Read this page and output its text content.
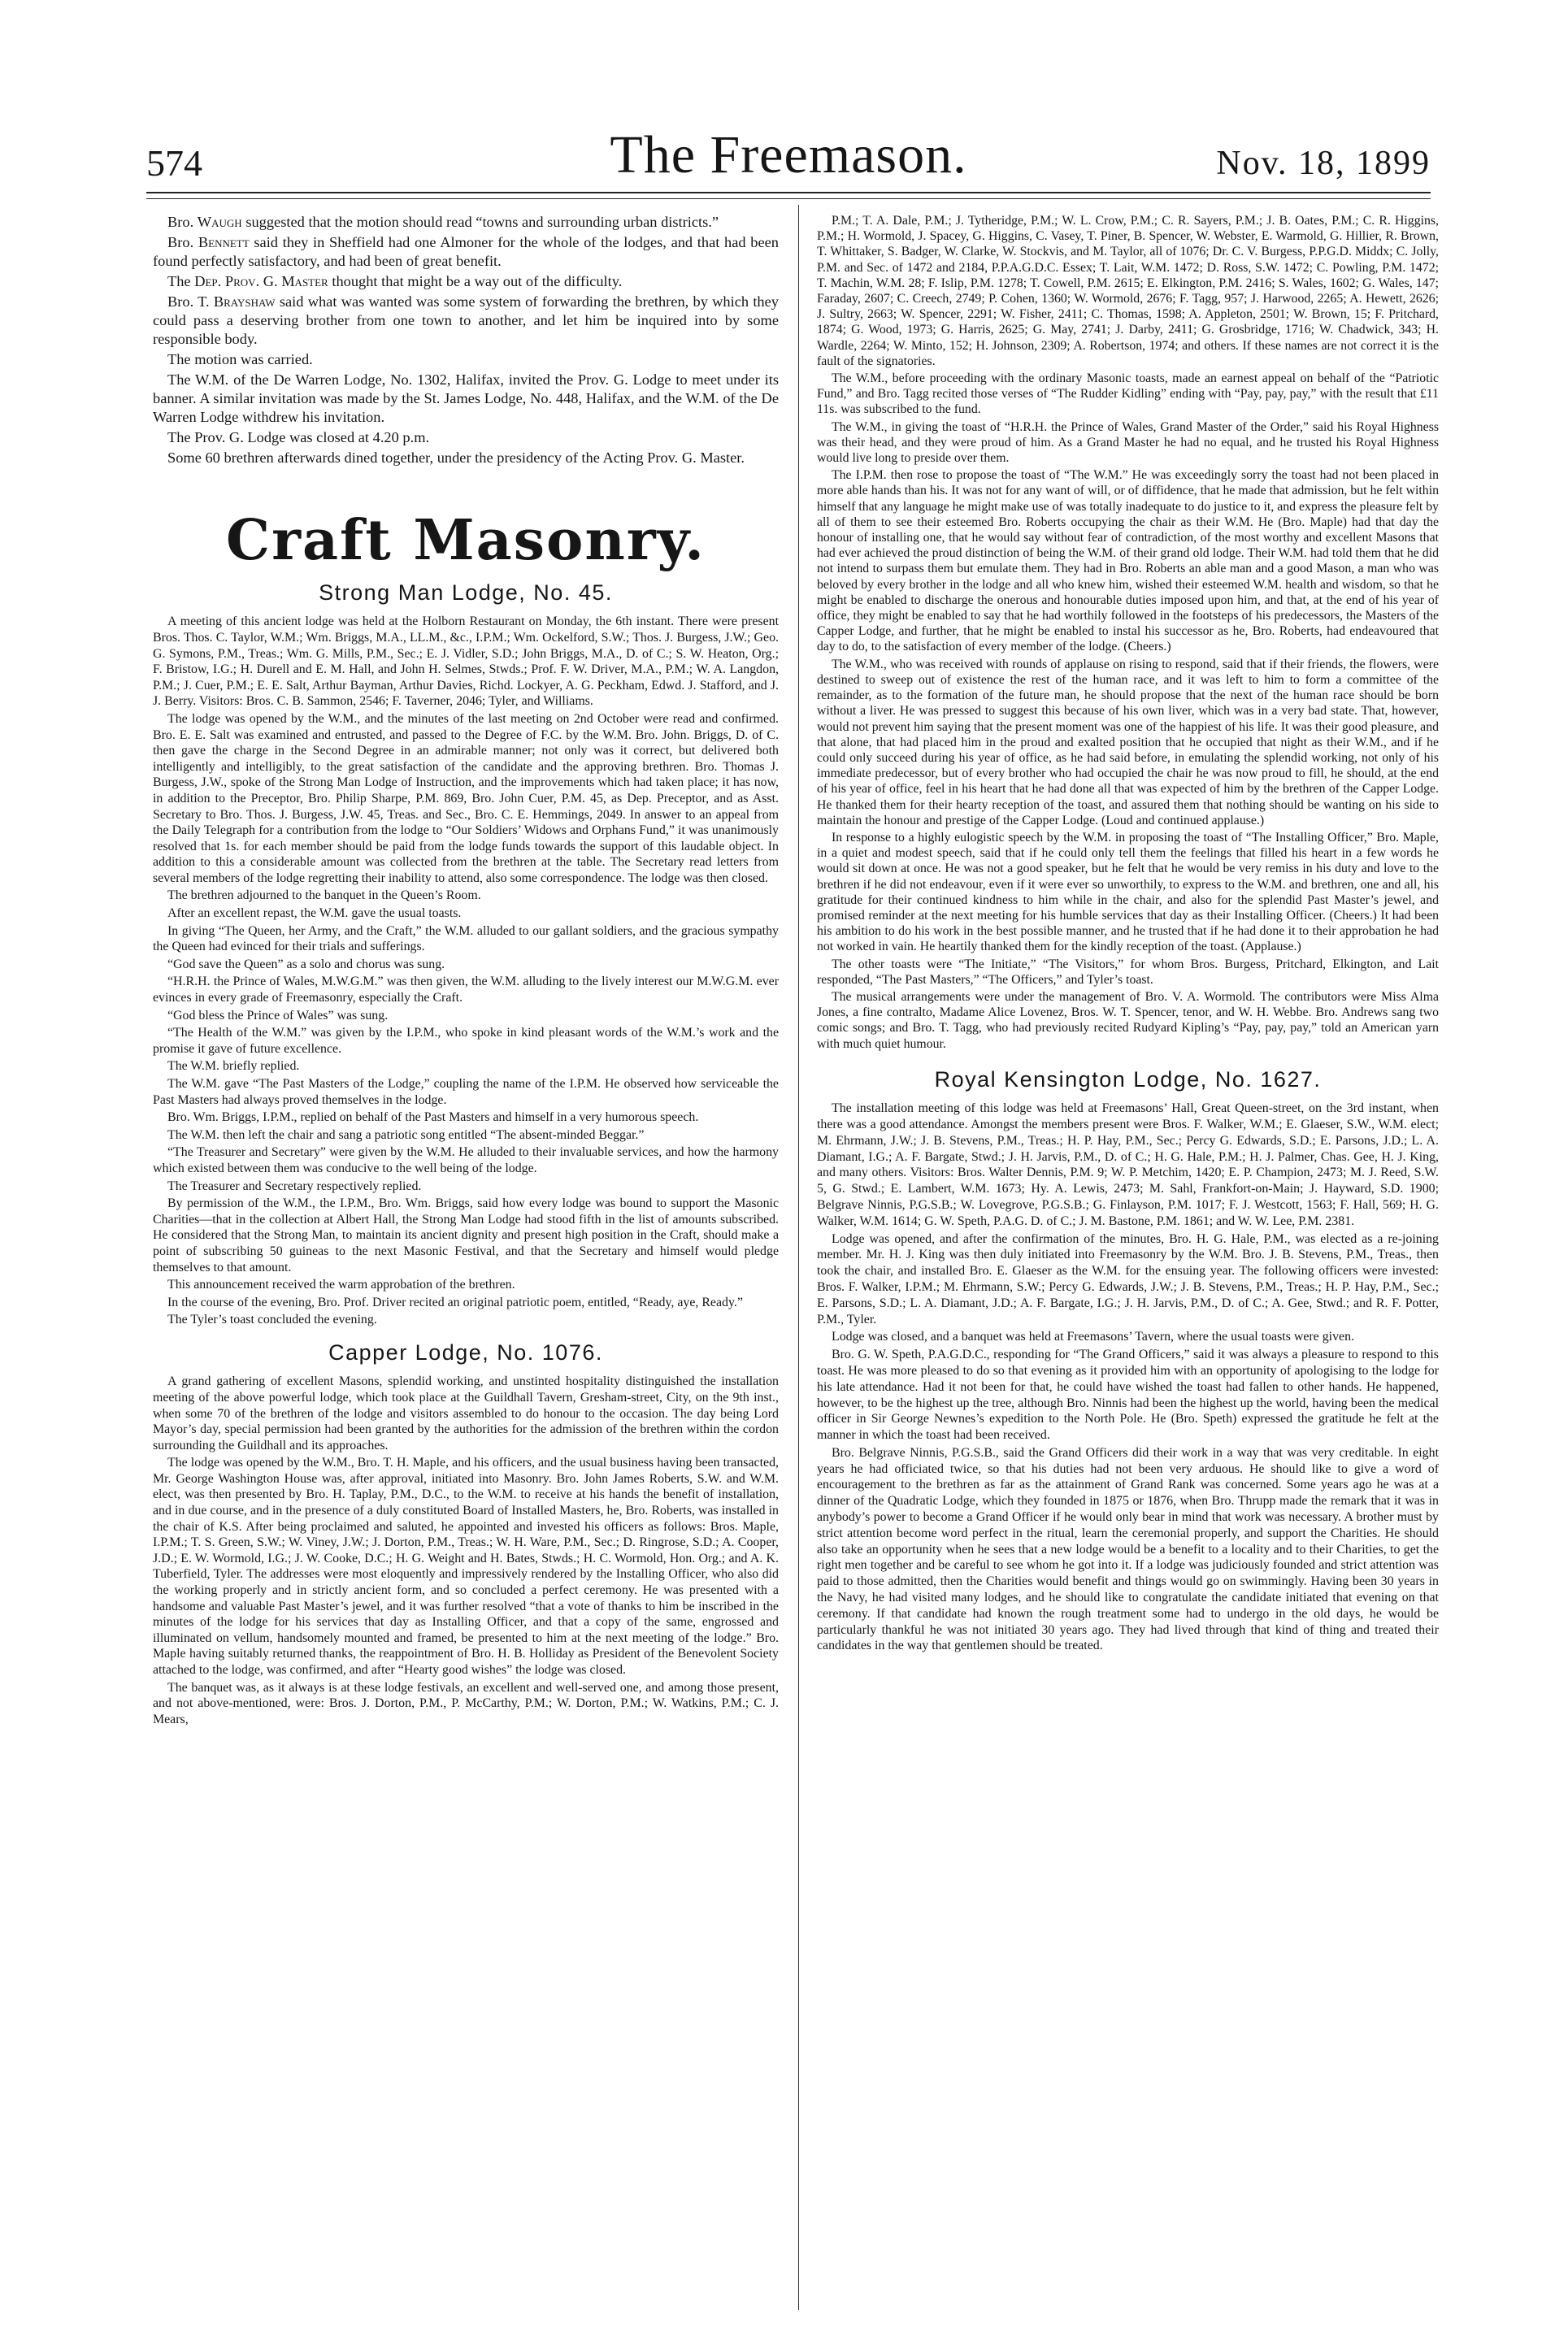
574	The Freemason.	Nov. 18, 1899

Bro. Waugh suggested that the motion should read “towns and surrounding urban districts.”

Bro. Bennett said they in Sheffield had one Almoner for the whole of the lodges, and that had been found perfectly satisfactory, and had been of great benefit.

The Dep. Prov. G. Master thought that might be a way out of the difficulty.

Bro. T. Brayshaw said what was wanted was some system of forwarding the brethren, by which they could pass a deserving brother from one town to another, and let him be inquired into by some responsible body.

The motion was carried.

The W.M. of the De Warren Lodge, No. 1302, Halifax, invited the Prov. G. Lodge to meet under its banner. A similar invitation was made by the St. James Lodge, No. 448, Halifax, and the W.M. of the De Warren Lodge withdrew his invitation.

The Prov. G. Lodge was closed at 4.20 p.m.

Some 60 brethren afterwards dined together, under the presidency of the Acting Prov. G. Master.

Craft Masonry.
Strong Man Lodge, No. 45.

A meeting of this ancient lodge was held at the Holborn Restaurant on Monday, the 6th instant. There were present Bros. Thos. C. Taylor, W.M.; Wm. Briggs, M.A., LL.M., &c., I.P.M.; Wm. Ockelford, S.W.; Thos. J. Burgess, J.W.; Geo. G. Symons, P.M., Treas.; Wm. G. Mills, P.M., Sec.; E. J. Vidler, S.D.; John Briggs, M.A., D. of C.; S. W. Heaton, Org.; F. Bristow, I.G.; H. Durell and E. M. Hall, and John H. Selmes, Stwds.; Prof. F. W. Driver, M.A., P.M.; W. A. Langdon, P.M.; J. Cuer, P.M.; E. E. Salt, Arthur Bayman, Arthur Davies, Richd. Lockyer, A. G. Peckham, Edwd. J. Stafford, and J. J. Berry. Visitors: Bros. C. B. Sammon, 2546; F. Taverner, 2046; Tyler, and Williams.

The lodge was opened by the W.M., and the minutes of the last meeting on 2nd October were read and confirmed. Bro. E. E. Salt was examined and entrusted, and passed to the Degree of F.C. by the W.M. Bro. John. Briggs, D. of C. then gave the charge in the Second Degree in an admirable manner; not only was it correct, but delivered both intelligently and intelligibly, to the great satisfaction of the candidate and the approving brethren. Bro. Thomas J. Burgess, J.W., spoke of the Strong Man Lodge of Instruction, and the improvements which had taken place; it has now, in addition to the Preceptor, Bro. Philip Sharpe, P.M. 869, Bro. John Cuer, P.M. 45, as Dep. Preceptor, and as Asst. Secretary to Bro. Thos. J. Burgess, J.W. 45, Treas. and Sec., Bro. C. E. Hemmings, 2049. In answer to an appeal from the Daily Telegraph for a contribution from the lodge to “Our Soldiers’ Widows and Orphans Fund,” it was unanimously resolved that 1s. for each member should be paid from the lodge funds towards the support of this laudable object. In addition to this a considerable amount was collected from the brethren at the table. The Secretary read letters from several members of the lodge regretting their inability to attend, also some correspondence. The lodge was then closed.

The brethren adjourned to the banquet in the Queen’s Room.

After an excellent repast, the W.M. gave the usual toasts.

In giving “The Queen, her Army, and the Craft,” the W.M. alluded to our gallant soldiers, and the gracious sympathy the Queen had evinced for their trials and sufferings.

“God save the Queen” as a solo and chorus was sung.

“H.R.H. the Prince of Wales, M.W.G.M.” was then given, the W.M. alluding to the lively interest our M.W.G.M. ever evinces in every grade of Freemasonry, especially the Craft.

“God bless the Prince of Wales” was sung.

“The Health of the W.M.” was given by the I.P.M., who spoke in kind pleasant words of the W.M.’s work and the promise it gave of future excellence.

The W.M. briefly replied.

The W.M. gave “The Past Masters of the Lodge,” coupling the name of the I.P.M. He observed how serviceable the Past Masters had always proved themselves in the lodge.

Bro. Wm. Briggs, I.P.M., replied on behalf of the Past Masters and himself in a very humorous speech.

The W.M. then left the chair and sang a patriotic song entitled “The absent-minded Beggar.”

“The Treasurer and Secretary” were given by the W.M. He alluded to their invaluable services, and how the harmony which existed between them was conducive to the well being of the lodge.

The Treasurer and Secretary respectively replied.

By permission of the W.M., the I.P.M., Bro. Wm. Briggs, said how every lodge was bound to support the Masonic Charities—that in the collection at Albert Hall, the Strong Man Lodge had stood fifth in the list of amounts subscribed. He considered that the Strong Man, to maintain its ancient dignity and present high position in the Craft, should make a point of subscribing 50 guineas to the next Masonic Festival, and that the Secretary and himself would pledge themselves to that amount.

This announcement received the warm approbation of the brethren.

In the course of the evening, Bro. Prof. Driver recited an original patriotic poem, entitled, “Ready, aye, Ready.”

The Tyler’s toast concluded the evening.

Capper Lodge, No. 1076.

A grand gathering of excellent Masons, splendid working, and unstinted hospitality distinguished the installation meeting of the above powerful lodge, which took place at the Guildhall Tavern, Gresham-street, City, on the 9th inst., when some 70 of the brethren of the lodge and visitors assembled to do honour to the occasion. The day being Lord Mayor’s day, special permission had been granted by the authorities for the admission of the brethren within the cordon surrounding the Guildhall and its approaches.

The lodge was opened by the W.M., Bro. T. H. Maple, and his officers, and the usual business having been transacted, Mr. George Washington House was, after approval, initiated into Masonry. Bro. John James Roberts, S.W. and W.M. elect, was then presented by Bro. H. Taplay, P.M., D.C., to the W.M. to receive at his hands the benefit of installation, and in due course, and in the presence of a duly constituted Board of Installed Masters, he, Bro. Roberts, was installed in the chair of K.S. After being proclaimed and saluted, he appointed and invested his officers as follows: Bros. Maple, I.P.M.; T. S. Green, S.W.; W. Viney, J.W.; J. Dorton, P.M., Treas.; W. H. Ware, P.M., Sec.; D. Ringrose, S.D.; A. Cooper, J.D.; E. W. Wormold, I.G.; J. W. Cooke, D.C.; H. G. Weight and H. Bates, Stwds.; H. C. Wormold, Hon. Org.; and A. K. Tuberfield, Tyler. The addresses were most eloquently and impressively rendered by the Installing Officer, who also did the working properly and in strictly ancient form, and so concluded a perfect ceremony. He was presented with a handsome and valuable Past Master’s jewel, and it was further resolved “that a vote of thanks to him be inscribed in the minutes of the lodge for his services that day as Installing Officer, and that a copy of the same, engrossed and illuminated on vellum, handsomely mounted and framed, be presented to him at the next meeting of the lodge.” Bro. Maple having suitably returned thanks, the reappointment of Bro. H. B. Holliday as President of the Benevolent Society attached to the lodge, was confirmed, and after “Hearty good wishes” the lodge was closed.

The banquet was, as it always is at these lodge festivals, an excellent and well-served one, and among those present, and not above-mentioned, were: Bros. J. Dorton, P.M., P. McCarthy, P.M.; W. Dorton, P.M.; W. Watkins, P.M.; C. J. Mears,

P.M.; T. A. Dale, P.M.; J. Tytheridge, P.M.; W. L. Crow, P.M.; C. R. Sayers, P.M.; J. B. Oates, P.M.; C. R. Higgins, P.M.; H. Wormold, J. Spacey, G. Higgins, C. Vasey, T. Piner, B. Spencer, W. Webster, E. Warmold, G. Hillier, R. Brown, T. Whittaker, S. Badger, W. Clarke, W. Stockvis, and M. Taylor, all of 1076; Dr. C. V. Burgess, P.P.G.D. Middx; C. Jolly, P.M. and Sec. of 1472 and 2184, P.P.A.G.D.C. Essex; T. Lait, W.M. 1472; D. Ross, S.W. 1472; C. Powling, P.M. 1472; T. Machin, W.M. 28; F. Islip, P.M. 1278; T. Cowell, P.M. 2615; E. Elkington, P.M. 2416; S. Wales, 1602; G. Wales, 147; Faraday, 2607; C. Creech, 2749; P. Cohen, 1360; W. Wormold, 2676; F. Tagg, 957; J. Harwood, 2265; A. Hewett, 2626; J. Sultry, 2663; W. Spencer, 2291; W. Fisher, 2411; C. Thomas, 1598; A. Appleton, 2501; W. Brown, 15; F. Pritchard, 1874; G. Wood, 1973; G. Harris, 2625; G. May, 2741; J. Darby, 2411; G. Grosbridge, 1716; W. Chadwick, 343; H. Wardle, 2264; W. Minto, 152; H. Johnson, 2309; A. Robertson, 1974; and others. If these names are not correct it is the fault of the signatories.

The W.M., before proceeding with the ordinary Masonic toasts, made an earnest appeal on behalf of the “Patriotic Fund,” and Bro. Tagg recited those verses of “The Rudder Kidling” ending with “Pay, pay, pay,” with the result that £11 11s. was subscribed to the fund.

The W.M., in giving the toast of “H.R.H. the Prince of Wales, Grand Master of the Order,” said his Royal Highness was their head, and they were proud of him. As a Grand Master he had no equal, and he trusted his Royal Highness would live long to preside over them.

The I.P.M. then rose to propose the toast of “The W.M.” He was exceedingly sorry the toast had not been placed in more able hands than his. It was not for any want of will, or of diffidence, that he made that admission, but he felt within himself that any language he might make use of was totally inadequate to do justice to it, and express the pleasure felt by all of them to see their esteemed Bro. Roberts occupying the chair as their W.M. He (Bro. Maple) had that day the honour of installing one, that he would say without fear of contradiction, of the most worthy and excellent Masons that had ever achieved the proud distinction of being the W.M. of their grand old lodge. Their W.M. had told them that he did not intend to surpass them but emulate them. They had in Bro. Roberts an able man and a good Mason, a man who was beloved by every brother in the lodge and all who knew him, wished their esteemed W.M. health and wisdom, so that he might be enabled to discharge the onerous and honourable duties imposed upon him, and that, at the end of his year of office, they might be enabled to say that he had worthily followed in the footsteps of his predecessors, the Masters of the Capper Lodge, and further, that he might be enabled to instal his successor as he, Bro. Roberts, had endeavoured that day to do, to the satisfaction of every member of the lodge. (Cheers.)

The W.M., who was received with rounds of applause on rising to respond, said that if their friends, the flowers, were destined to sweep out of existence the rest of the human race, and it was left to him to form a committee of the remainder, as to the formation of the future man, he should propose that the next of the human race should be born without a liver. He was pressed to suggest this because of his own liver, which was in a very bad state. That, however, would not prevent him saying that the present moment was one of the happiest of his life. It was their good pleasure, and that alone, that had placed him in the proud and exalted position that he occupied that night as their W.M., and if he could only succeed during his year of office, as he had said before, in emulating the splendid working, not only of his immediate predecessor, but of every brother who had occupied the chair he was now proud to fill, he should, at the end of his year of office, feel in his heart that he had done all that was expected of him by the brethren of the Capper Lodge. He thanked them for their hearty reception of the toast, and assured them that nothing should be wanting on his side to maintain the honour and prestige of the Capper Lodge. (Loud and continued applause.)

In response to a highly eulogistic speech by the W.M. in proposing the toast of “The Installing Officer,” Bro. Maple, in a quiet and modest speech, said that if he could only tell them the feelings that filled his heart in a few words he would sit down at once. He was not a good speaker, but he felt that he would be very remiss in his duty and love to the brethren if he did not endeavour, even if it were ever so unworthily, to express to the W.M. and brethren, one and all, his gratitude for their continued kindness to him while in the chair, and also for the splendid Past Master’s jewel, and promised reminder at the next meeting for his humble services that day as their Installing Officer. (Cheers.) It had been his ambition to do his work in the best possible manner, and he trusted that if he had done it to their approbation he had not worked in vain. He heartily thanked them for the kindly reception of the toast. (Applause.)

The other toasts were “The Initiate,” “The Visitors,” for whom Bros. Burgess, Pritchard, Elkington, and Lait responded, “The Past Masters,” “The Officers,” and Tyler’s toast.

The musical arrangements were under the management of Bro. V. A. Wormold. The contributors were Miss Alma Jones, a fine contralto, Madame Alice Lovenez, Bros. W. T. Spencer, tenor, and W. H. Webbe. Bro. Andrews sang two comic songs; and Bro. T. Tagg, who had previously recited Rudyard Kipling’s “Pay, pay, pay,” told an American yarn with much quiet humour.

Royal Kensington Lodge, No. 1627.

The installation meeting of this lodge was held at Freemasons’ Hall, Great Queen-street, on the 3rd instant, when there was a good attendance. Amongst the members present were Bros. F. Walker, W.M.; E. Glaeser, S.W., W.M. elect; M. Ehrmann, J.W.; J. B. Stevens, P.M., Treas.; H. P. Hay, P.M., Sec.; Percy G. Edwards, S.D.; E. Parsons, J.D.; L. A. Diamant, I.G.; A. F. Bargate, Stwd.; J. H. Jarvis, P.M., D. of C.; H. G. Hale, P.M.; H. J. Palmer, Chas. Gee, H. J. King, and many others. Visitors: Bros. Walter Dennis, P.M. 9; W. P. Metchim, 1420; E. P. Champion, 2473; M. J. Reed, S.W. 5, G. Stwd.; E. Lambert, W.M. 1673; Hy. A. Lewis, 2473; M. Sahl, Frankfort-on-Main; J. Hayward, S.D. 1900; Belgrave Ninnis, P.G.S.B.; W. Lovegrove, P.G.S.B.; G. Finlayson, P.M. 1017; F. J. Westcott, 1563; F. Hall, 569; H. G. Walker, W.M. 1614; G. W. Speth, P.A.G. D. of C.; J. M. Bastone, P.M. 1861; and W. W. Lee, P.M. 2381.

Lodge was opened, and after the confirmation of the minutes, Bro. H. G. Hale, P.M., was elected as a re-joining member. Mr. H. J. King was then duly initiated into Freemasonry by the W.M. Bro. J. B. Stevens, P.M., Treas., then took the chair, and installed Bro. E. Glaeser as the W.M. for the ensuing year. The following officers were invested: Bros. F. Walker, I.P.M.; M. Ehrmann, S.W.; Percy G. Edwards, J.W.; J. B. Stevens, P.M., Treas.; H. P. Hay, P.M., Sec.; E. Parsons, S.D.; L. A. Diamant, J.D.; A. F. Bargate, I.G.; J. H. Jarvis, P.M., D. of C.; A. Gee, Stwd.; and R. F. Potter, P.M., Tyler.

Lodge was closed, and a banquet was held at Freemasons’ Tavern, where the usual toasts were given.

Bro. G. W. Speth, P.A.G.D.C., responding for “The Grand Officers,” said it was always a pleasure to respond to this toast. He was more pleased to do so that evening as it provided him with an opportunity of apologising to the lodge for his late attendance. Had it not been for that, he could have wished the toast had fallen to other hands. He happened, however, to be the highest up the tree, although Bro. Ninnis had been the highest up the world, having been the medical officer in Sir George Newnes’s expedition to the North Pole. He (Bro. Speth) expressed the gratitude he felt at the manner in which the toast had been received.

Bro. Belgrave Ninnis, P.G.S.B., said the Grand Officers did their work in a way that was very creditable. In eight years he had officiated twice, so that his duties had not been very arduous. He should like to give a word of encouragement to the brethren as far as the attainment of Grand Rank was concerned. Some years ago he was at a dinner of the Quadratic Lodge, which they founded in 1875 or 1876, when Bro. Thrupp made the remark that it was in anybody’s power to become a Grand Officer if he would only bear in mind that work was necessary. A brother must by strict attention become word perfect in the ritual, learn the ceremonial properly, and support the Charities. He should also take an opportunity when he sees that a new lodge would be a benefit to a locality and to their Charities, to get the right men together and be careful to see whom he got into it. If a lodge was judiciously founded and strict attention was paid to those admitted, then the Charities would benefit and things would go on swimmingly. Having been 30 years in the Navy, he had visited many lodges, and he should like to congratulate the candidate initiated that evening on that ceremony. If that candidate had known the rough treatment some had to undergo in the old days, he would be particularly thankful he was not initiated 30 years ago. They had lived through that kind of thing and treated their candidates in the way that gentlemen should be treated.
